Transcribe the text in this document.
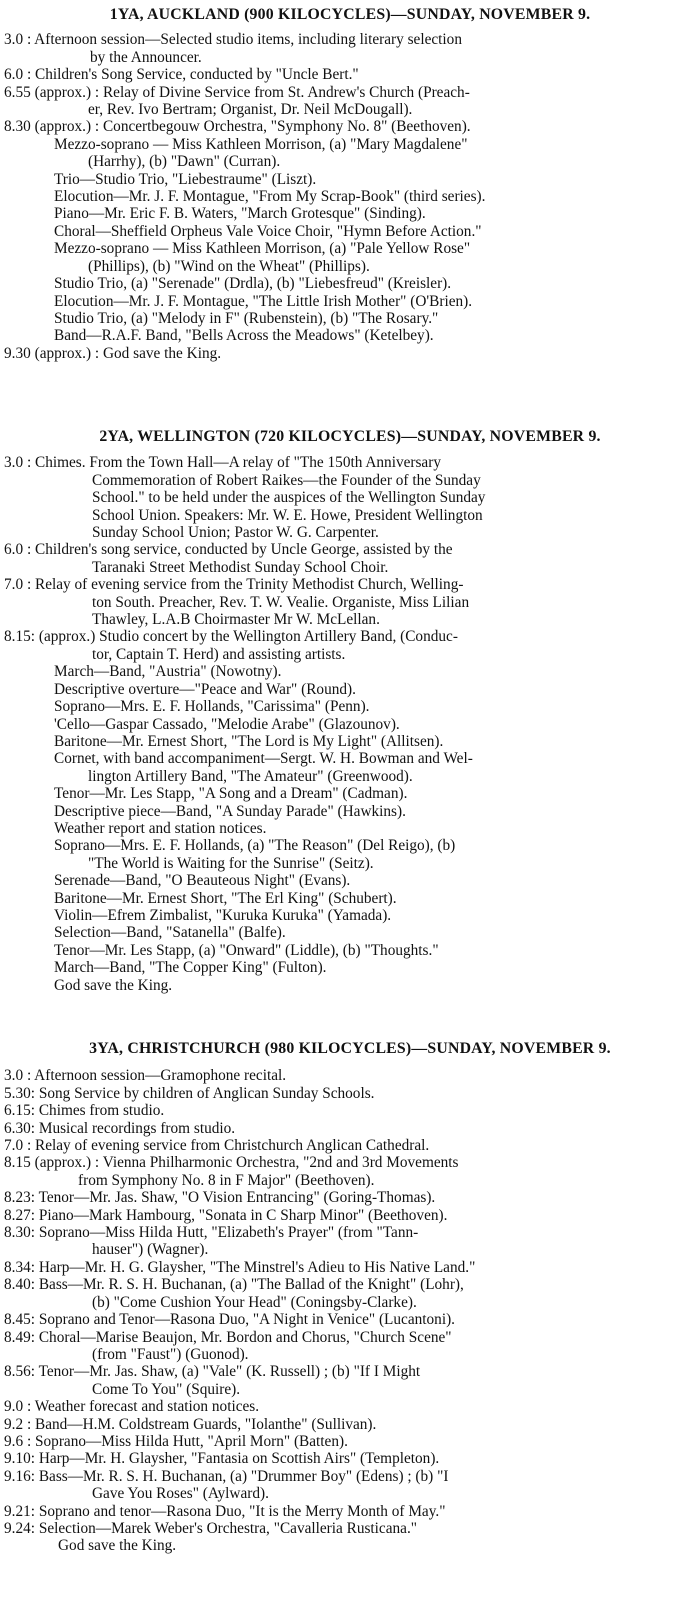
1YA, AUCKLAND (900 KILOCYCLES)—SUNDAY, NOVEMBER 9.
3.0 : Afternoon session—Selected studio items, including literary selection
by the Announcer.
6.0 : Children's Song Service, conducted by "Uncle Bert."
6.55 (approx.) : Relay of Divine Service from St. Andrew's Church (Preach-
er, Rev. Ivo Bertram; Organist, Dr. Neil McDougall).
8.30 (approx.) : Concertbegouw Orchestra, "Symphony No. 8" (Beethoven).
Mezzo-soprano — Miss Kathleen Morrison, (a) "Mary Magdalene"
(Harrhy), (b) "Dawn" (Curran).
Trio—Studio Trio, "Liebestraume" (Liszt).
Elocution—Mr. J. F. Montague, "From My Scrap-Book" (third series).
Piano—Mr. Eric F. B. Waters, "March Grotesque" (Sinding).
Choral—Sheffield Orpheus Vale Voice Choir, "Hymn Before Action."
Mezzo-soprano — Miss Kathleen Morrison, (a) "Pale Yellow Rose"
(Phillips), (b) "Wind on the Wheat" (Phillips).
Studio Trio, (a) "Serenade" (Drdla), (b) "Liebesfreud" (Kreisler).
Elocution—Mr. J. F. Montague, "The Little Irish Mother" (O'Brien).
Studio Trio, (a) "Melody in F" (Rubenstein), (b) "The Rosary."
Band—R.A.F. Band, "Bells Across the Meadows" (Ketelbey).
9.30 (approx.) : God save the King.
2YA, WELLINGTON (720 KILOCYCLES)—SUNDAY, NOVEMBER 9.
3.0 : Chimes. From the Town Hall—A relay of "The 150th Anniversary
Commemoration of Robert Raikes—the Founder of the Sunday
School." to be held under the auspices of the Wellington Sunday
School Union. Speakers: Mr. W. E. Howe, President Wellington
Sunday School Union; Pastor W. G. Carpenter.
6.0 : Children's song service, conducted by Uncle George, assisted by the
Taranaki Street Methodist Sunday School Choir.
7.0 : Relay of evening service from the Trinity Methodist Church, Welling-
ton South. Preacher, Rev. T. W. Vealie. Organiste, Miss Lilian
Thawley, L.A.B Choirmaster Mr W. McLellan.
8.15: (approx.) Studio concert by the Wellington Artillery Band, (Conduc-
tor, Captain T. Herd) and assisting artists.
March—Band, "Austria" (Nowotny).
Descriptive overture—"Peace and War" (Round).
Soprano—Mrs. E. F. Hollands, "Carissima" (Penn).
'Cello—Gaspar Cassado, "Melodie Arabe" (Glazounov).
Baritone—Mr. Ernest Short, "The Lord is My Light" (Allitsen).
Cornet, with band accompaniment—Sergt. W. H. Bowman and Wel-
lington Artillery Band, "The Amateur" (Greenwood).
Tenor—Mr. Les Stapp, "A Song and a Dream" (Cadman).
Descriptive piece—Band, "A Sunday Parade" (Hawkins).
Weather report and station notices.
Soprano—Mrs. E. F. Hollands, (a) "The Reason" (Del Reigo), (b)
"The World is Waiting for the Sunrise" (Seitz).
Serenade—Band, "O Beauteous Night" (Evans).
Baritone—Mr. Ernest Short, "The Erl King" (Schubert).
Violin—Efrem Zimbalist, "Kuruka Kuruka" (Yamada).
Selection—Band, "Satanella" (Balfe).
Tenor—Mr. Les Stapp, (a) "Onward" (Liddle), (b) "Thoughts."
March—Band, "The Copper King" (Fulton).
God save the King.
3YA, CHRISTCHURCH (980 KILOCYCLES)—SUNDAY, NOVEMBER 9.
3.0 : Afternoon session—Gramophone recital.
5.30: Song Service by children of Anglican Sunday Schools.
6.15: Chimes from studio.
6.30: Musical recordings from studio.
7.0 : Relay of evening service from Christchurch Anglican Cathedral.
8.15 (approx.) : Vienna Philharmonic Orchestra, "2nd and 3rd Movements
from Symphony No. 8 in F Major" (Beethoven).
8.23: Tenor—Mr. Jas. Shaw, "O Vision Entrancing" (Goring-Thomas).
8.27: Piano—Mark Hambourg, "Sonata in C Sharp Minor" (Beethoven).
8.30: Soprano—Miss Hilda Hutt, "Elizabeth's Prayer" (from "Tann-
hauser") (Wagner).
8.34: Harp—Mr. H. G. Glaysher, "The Minstrel's Adieu to His Native Land."
8.40: Bass—Mr. R. S. H. Buchanan, (a) "The Ballad of the Knight" (Lohr),
(b) "Come Cushion Your Head" (Coningsby-Clarke).
8.45: Soprano and Tenor—Rasona Duo, "A Night in Venice" (Lucantoni).
8.49: Choral—Marise Beaujon, Mr. Bordon and Chorus, "Church Scene"
(from "Faust") (Guonod).
8.56: Tenor—Mr. Jas. Shaw, (a) "Vale" (K. Russell) ; (b) "If I Might
Come To You" (Squire).
9.0 : Weather forecast and station notices.
9.2 : Band—H.M. Coldstream Guards, "Iolanthe" (Sullivan).
9.6 : Soprano—Miss Hilda Hutt, "April Morn" (Batten).
9.10: Harp—Mr. H. Glaysher, "Fantasia on Scottish Airs" (Templeton).
9.16: Bass—Mr. R. S. H. Buchanan, (a) "Drummer Boy" (Edens) ; (b) "I
Gave You Roses" (Aylward).
9.21: Soprano and tenor—Rasona Duo, "It is the Merry Month of May."
9.24: Selection—Marek Weber's Orchestra, "Cavalleria Rusticana."
God save the King.
